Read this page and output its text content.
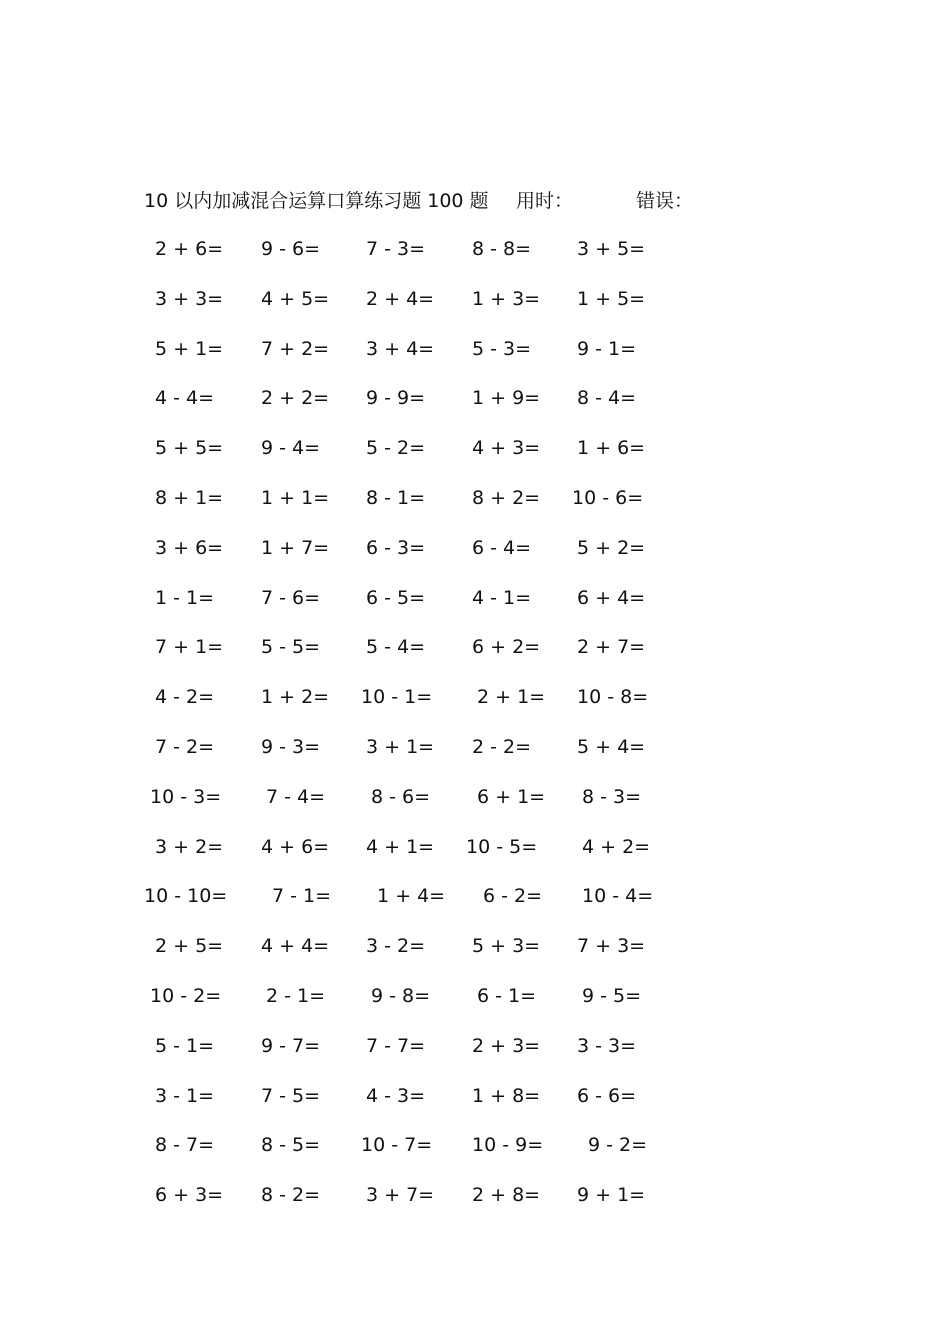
10 以内加减混合运算口算练习题 100 题 用时：	错误：
2 + 6= 9 - 6= 7 - 3= 8 - 8= 3 + 5=
3 + 3= 4 + 5= 2 + 4= 1 + 3= 1 + 5=
5 + 1= 7 + 2= 3 + 4= 5 - 3= 9 - 1=
4 - 4= 2 + 2= 9 - 9= 1 + 9= 8 - 4=
5 + 5= 9 - 4= 5 - 2= 4 + 3= 1 + 6=
8 + 1= 1 + 1= 8 - 1= 8 + 2= 10 - 6=
3 + 6= 1 + 7= 6 - 3= 6 - 4= 5 + 2=
1 - 1= 7 - 6= 6 - 5= 4 - 1= 6 + 4=
7 + 1= 5 - 5= 5 - 4= 6 + 2= 2 + 7=
4 - 2= 1 + 2= 10 - 1= 2 + 1= 10 - 8=
7 - 2= 9 - 3= 3 + 1= 2 - 2= 5 + 4=
10 - 3= 7 - 4= 8 - 6= 6 + 1= 8 - 3=
3 + 2= 4 + 6= 4 + 1= 10 - 5= 4 + 2=
10 - 10= 7 - 1= 1 + 4= 6 - 2= 10 - 4=
2 + 5= 4 + 4= 3 - 2= 5 + 3= 7 + 3=
10 - 2= 2 - 1= 9 - 8= 6 - 1= 9 - 5=
5 - 1= 9 - 7= 7 - 7= 2 + 3= 3 - 3=
3 - 1= 7 - 5= 4 - 3= 1 + 8= 6 - 6=
8 - 7= 8 - 5= 10 - 7= 10 - 9= 9 - 2=
6 + 3= 8 - 2= 3 + 7= 2 + 8= 9 + 1=
